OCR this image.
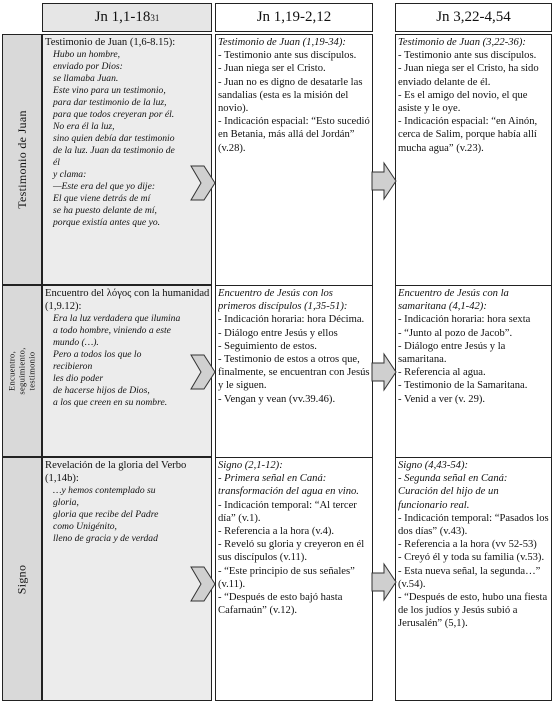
Jn 1,1-18 31	Jn 1,19-2,12	Jn 3,22-4,54
Testimonio de Juan
Encuentro, seguimiento, testimonio
Signo
Testimonio de Juan (1,6-8.15):
Hubo un hombre,
enviado por Dios:
se llamaba Juan.
Este vino para un testimonio,
para dar testimonio de la luz,
para que todos creyeran por él.
No era él la luz,
sino quien debía dar testimonio
de la luz. Juan da testimonio de
él
y clama:
—Este era del que yo dije:
El que viene detrás de mí
se ha puesto delante de mí,
porque existía antes que yo.
Testimonio de Juan (1,19-34):
- Testimonio ante sus discípulos.
- Juan niega ser el Cristo.
- Juan no es digno de desatarle las sandalias (esta es la misión del novio).
- Indicación espacial: “Esto sucedió en Betania, más allá del Jordán” (v.28).
Testimonio de Juan (3,22-36):
- Testimonio ante sus discípulos.
- Juan niega ser el Cristo, ha sido enviado delante de él.
- Es el amigo del novio, el que asiste y le oye.
- Indicación espacial: “en Ainón, cerca de Salim, porque había allí mucha agua” (v.23).
Encuentro del λόγος con la humanidad (1,9.12):
Era la luz verdadera que ilumina
a todo hombre, viniendo a este
mundo (…).
Pero a todos los que lo
recibieron
les dio poder
de hacerse hijos de Dios,
a los que creen en su nombre.
Encuentro de Jesús con los primeros discípulos (1,35-51):
- Indicación horaria: hora Décima.
- Diálogo entre Jesús y ellos
- Seguimiento de estos.
- Testimonio de estos a otros que, finalmente, se encuentran con Jesús y le siguen.
- Vengan y vean (vv.39.46).
Encuentro de Jesús con la samaritana (4,1-42):
- Indicación horaria: hora sexta
- “Junto al pozo de Jacob”.
- Diálogo entre Jesús y la samaritana.
- Referencia al agua.
- Testimonio de la Samaritana.
- Venid a ver (v. 29).
Revelación de la gloria del Verbo (1,14b):
…y hemos contemplado su
gloria,
gloria que recibe del Padre
como Unigénito,
lleno de gracia y de verdad
Signo (2,1-12):
- Primera señal en Caná: transformación del agua en vino.
- Indicación temporal: “Al tercer día” (v.1).
- Referencia a la hora (v.4).
- Reveló su gloria y creyeron en él sus discípulos (v.11).
- “Este principio de sus señales” (v.11).
- “Después de esto bajó hasta Cafarnaún” (v.12).
Signo (4,43-54):
- Segunda señal en Caná: Curación del hijo de un funcionario real.
- Indicación temporal: “Pasados los dos días” (v.43).
- Referencia a la hora (vv 52-53)
- Creyó él y toda su familia (v.53).
- Esta nueva señal, la segunda…” (v.54).
- “Después de esto, hubo una fiesta de los judíos y Jesús subió a Jerusalén” (5,1).
